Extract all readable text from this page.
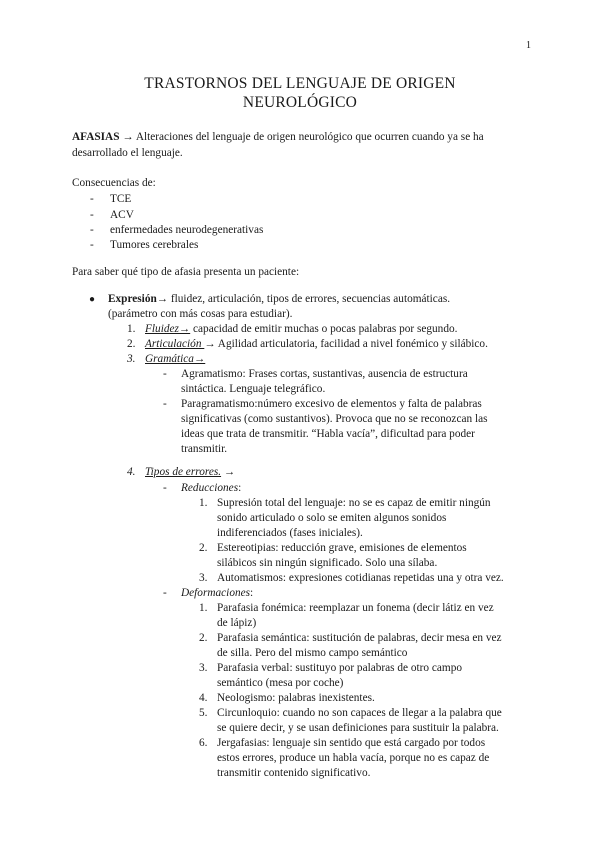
1
TRASTORNOS DEL LENGUAJE DE ORIGEN
NEUROLÓGICO
AFASIAS → Alteraciones del lenguaje de origen neurológico que ocurren cuando ya se ha
desarrollado el lenguaje.
Consecuencias de:
- TCE
- ACV
- enfermedades neurodegenerativas
- Tumores cerebrales
Para saber qué tipo de afasia presenta un paciente:
● Expresión→ fluidez, articulación, tipos de errores, secuencias automáticas.
(parámetro con más cosas para estudiar).
1. Fluidez→ capacidad de emitir muchas o pocas palabras por segundo.
2. Articulación → Agilidad articulatoria, facilidad a nivel fonémico y silábico.
3. Gramática→
- Agramatismo: Frases cortas, sustantivas, ausencia de estructura
sintáctica. Lenguaje telegráfico.
- Paragramatismo:número excesivo de elementos y falta de palabras
significativas (como sustantivos). Provoca que no se reconozcan las
ideas que trata de transmitir. “Habla vacía”, dificultad para poder
transmitir.
4. Tipos de errores. →
- Reducciones:
1. Supresión total del lenguaje: no se es capaz de emitir ningún
sonido articulado o solo se emiten algunos sonidos
indiferenciados (fases iniciales).
2. Estereotipias: reducción grave, emisiones de elementos
silábicos sin ningún significado. Solo una sílaba.
3. Automatismos: expresiones cotidianas repetidas una y otra vez.
- Deformaciones:
1. Parafasia fonémica: reemplazar un fonema (decir látiz en vez
de lápiz)
2. Parafasia semántica: sustitución de palabras, decir mesa en vez
de silla. Pero del mismo campo semántico
3. Parafasia verbal: sustituyo por palabras de otro campo
semántico (mesa por coche)
4. Neologismo: palabras inexistentes.
5. Circunloquio: cuando no son capaces de llegar a la palabra que
se quiere decir, y se usan definiciones para sustituir la palabra.
6. Jergafasias: lenguaje sin sentido que está cargado por todos
estos errores, produce un habla vacía, porque no es capaz de
transmitir contenido significativo.
